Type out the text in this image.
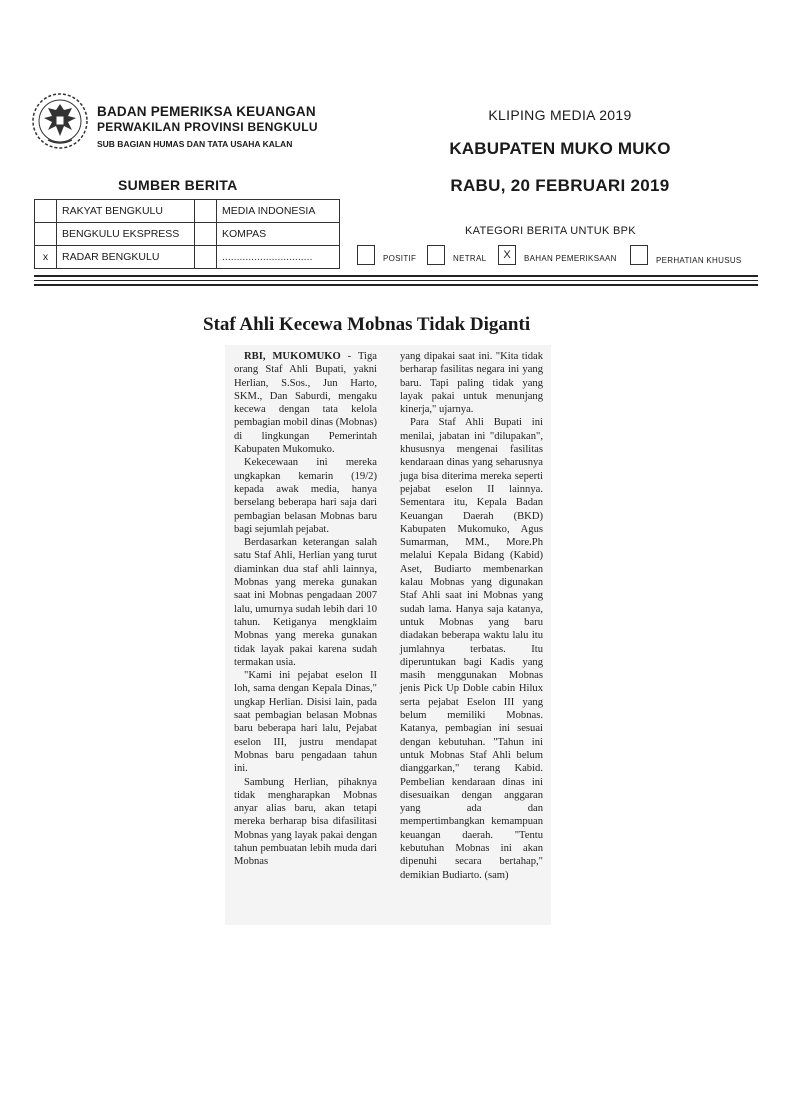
BADAN PEMERIKSA KEUANGAN
PERWAKILAN PROVINSI BENGKULU
SUB BAGIAN HUMAS DAN TATA USAHA KALAN
KLIPING MEDIA 2019
KABUPATEN MUKO MUKO
RABU, 20 FEBRUARI 2019
SUMBER BERITA
	RAKYAT BENGKULU		MEDIA INDONESIA
	BENGKULU EKSPRESS		KOMPAS
x	RADAR BENGKULU		...............................
KATEGORI BERITA UNTUK BPK
POSITIF	NETRAL	X	BAHAN PEMERIKSAAN	PERHATIAN KHUSUS
Staf Ahli Kecewa Mobnas Tidak Diganti

RBI, MUKOMUKO - Tiga orang Staf Ahli Bupati, yakni Herlian, S.Sos., Jun Harto, SKM., Dan Saburdi, mengaku kecewa dengan tata kelola pembagian mobil dinas (Mobnas) di lingkungan Pemerintah Kabupaten Mukomuko.

Kekecewaan ini mereka ungkapkan kemarin (19/2) kepada awak media, hanya berselang beberapa hari saja dari pembagian belasan Mobnas baru bagi sejumlah pejabat.

Berdasarkan keterangan salah satu Staf Ahli, Herlian yang turut diaminkan dua staf ahli lainnya, Mobnas yang mereka gunakan saat ini Mobnas pengadaan 2007 lalu, umurnya sudah lebih dari 10 tahun. Ketiganya mengklaim Mobnas yang mereka gunakan tidak layak pakai karena sudah termakan usia.

"Kami ini pejabat eselon II loh, sama dengan Kepala Dinas," ungkap Herlian. Disisi lain, pada saat pembagian belasan Mobnas baru beberapa hari lalu, Pejabat eselon III, justru mendapat Mobnas baru pengadaan tahun ini.

Sambung Herlian, pihaknya tidak mengharapkan Mobnas anyar alias baru, akan tetapi mereka berharap bisa difasilitasi Mobnas yang layak pakai dengan tahun pembuatan lebih muda dari Mobnas

yang dipakai saat ini. "Kita tidak berharap fasilitas negara ini yang baru. Tapi paling tidak yang layak pakai untuk menunjang kinerja," ujarnya.

Para Staf Ahli Bupati ini menilai, jabatan ini "dilupakan", khususnya mengenai fasilitas kendaraan dinas yang seharusnya juga bisa diterima mereka seperti pejabat eselon II lainnya. Sementara itu, Kepala Badan Keuangan Daerah (BKD) Kabupaten Mukomuko, Agus Sumarman, MM., More.Ph melalui Kepala Bidang (Kabid) Aset, Budiarto membenarkan kalau Mobnas yang digunakan Staf Ahli saat ini Mobnas yang sudah lama. Hanya saja katanya, untuk Mobnas yang baru diadakan beberapa waktu lalu itu jumlahnya terbatas. Itu diperuntukan bagi Kadis yang masih menggunakan Mobnas jenis Pick Up Doble cabin Hilux serta pejabat Eselon III yang belum memiliki Mobnas. Katanya, pembagian ini sesuai dengan kebutuhan. "Tahun ini untuk Mobnas Staf Ahli belum dianggarkan," terang Kabid. Pembelian kendaraan dinas ini disesuaikan dengan anggaran yang ada dan mempertimbangkan kemampuan keuangan daerah. "Tentu kebutuhan Mobnas ini akan dipenuhi secara bertahap," demikian Budiarto. (sam)
